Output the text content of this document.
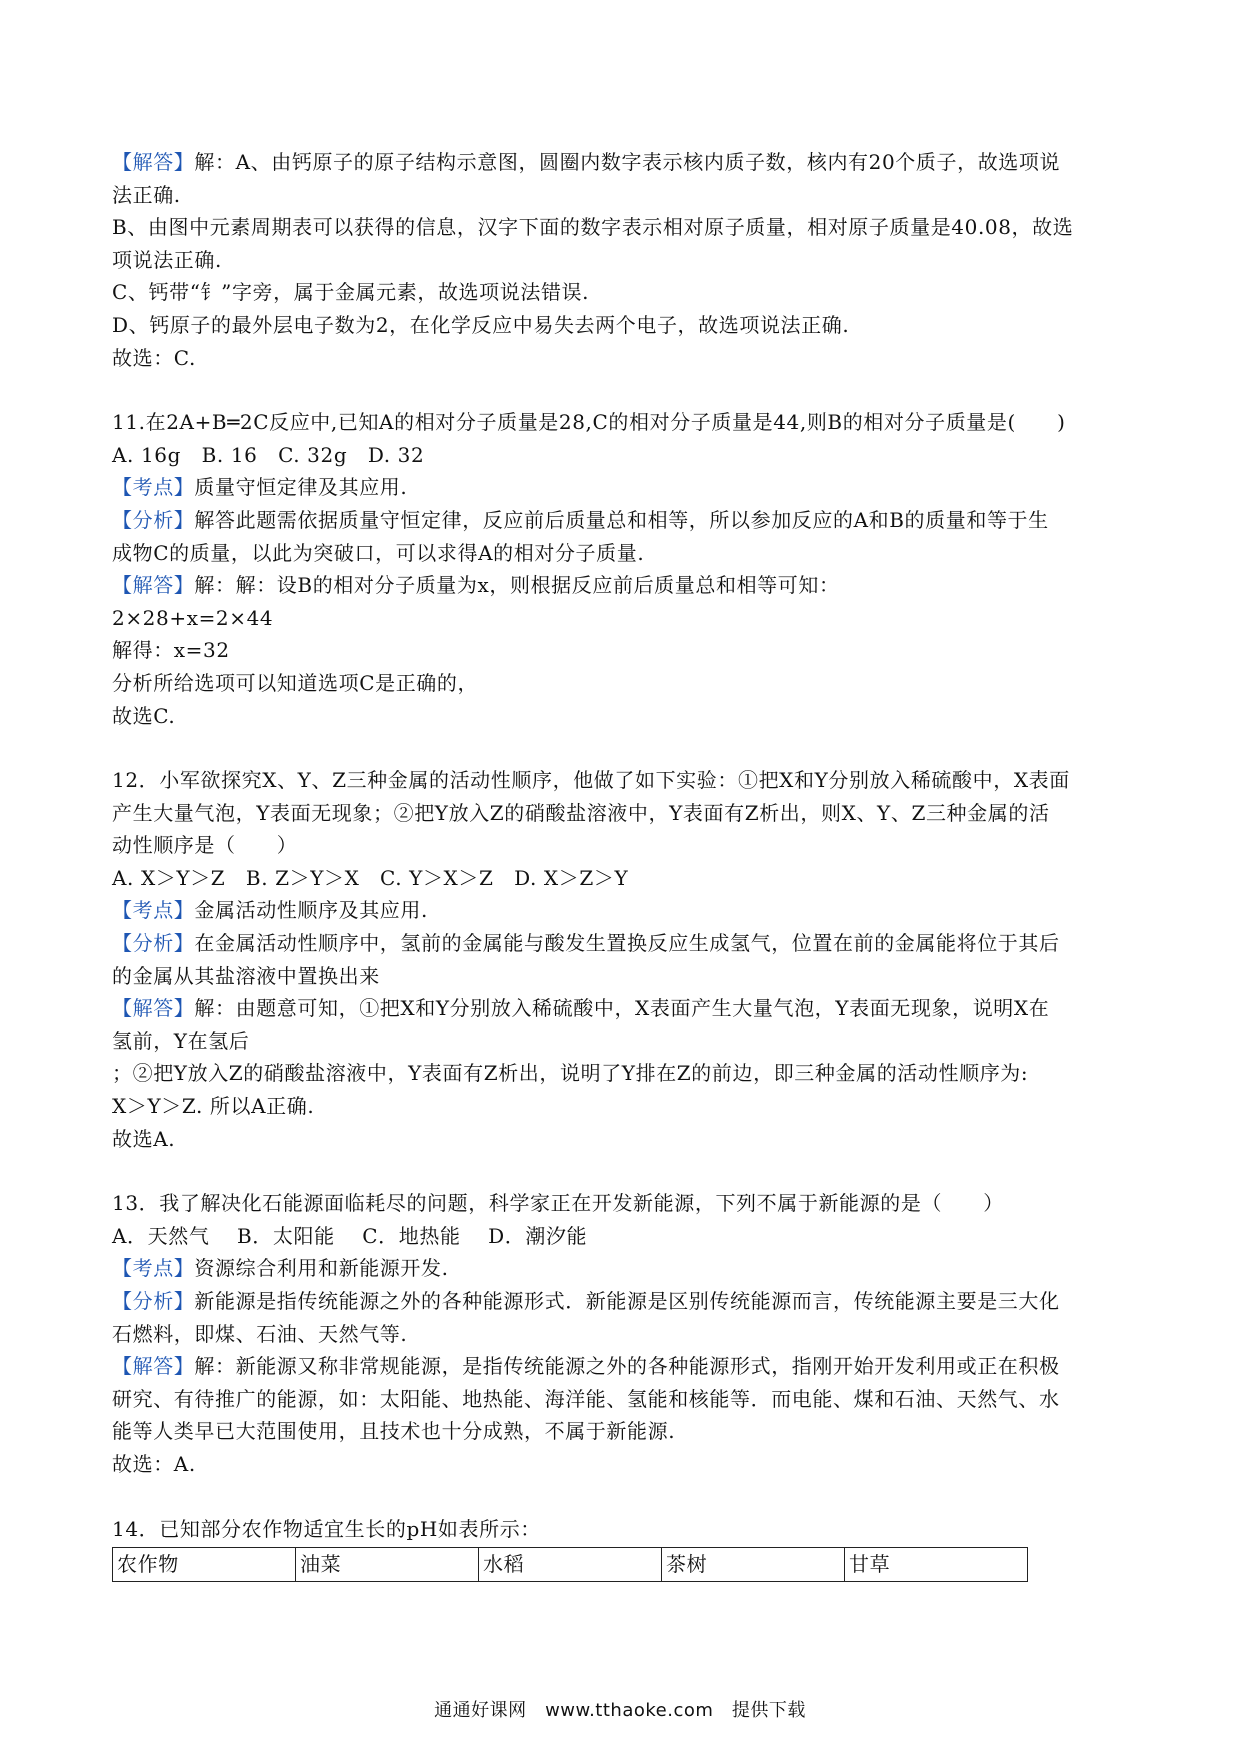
【解答】解：A、由钙原子的原子结构示意图，圆圈内数字表示核内质子数，核内有20个质子，故选项说

法正确.

B、由图中元素周期表可以获得的信息，汉字下面的数字表示相对原子质量，相对原子质量是40.08，故选

项说法正确.

C、钙带“钅”字旁，属于金属元素，故选项说法错误.

D、钙原子的最外层电子数为2，在化学反应中易失去两个电子，故选项说法正确.

故选：C.

11.在2A+B═2C反应中,已知A的相对分子质量是28,C的相对分子质量是44,则B的相对分子质量是(　　)

A. 16g　B. 16　C. 32g　D. 32

【考点】质量守恒定律及其应用.

【分析】解答此题需依据质量守恒定律，反应前后质量总和相等，所以参加反应的A和B的质量和等于生

成物C的质量，以此为突破口，可以求得A的相对分子质量.

【解答】解：解：设B的相对分子质量为x，则根据反应前后质量总和相等可知：

2×28+x=2×44

解得：x=32

分析所给选项可以知道选项C是正确的，

故选C.

12．小军欲探究X、Y、Z三种金属的活动性顺序，他做了如下实验：①把X和Y分别放入稀硫酸中，X表面

产生大量气泡，Y表面无现象；②把Y放入Z的硝酸盐溶液中，Y表面有Z析出，则X、Y、Z三种金属的活

动性顺序是（　　）

A. X＞Y＞Z　B. Z＞Y＞X　C. Y＞X＞Z　D. X＞Z＞Y

【考点】金属活动性顺序及其应用.

【分析】在金属活动性顺序中，氢前的金属能与酸发生置换反应生成氢气，位置在前的金属能将位于其后

的金属从其盐溶液中置换出来

【解答】解：由题意可知，①把X和Y分别放入稀硫酸中，X表面产生大量气泡，Y表面无现象，说明X在

氢前，Y在氢后

；②把Y放入Z的硝酸盐溶液中，Y表面有Z析出，说明了Y排在Z的前边，即三种金属的活动性顺序为:

X＞Y＞Z. 所以A正确.

故选A.

13．我了解决化石能源面临耗尽的问题，科学家正在开发新能源，下列不属于新能源的是（　　）

A．天然气　 B．太阳能　 C．地热能　 D．潮汐能

【考点】资源综合利用和新能源开发.

【分析】新能源是指传统能源之外的各种能源形式．新能源是区别传统能源而言，传统能源主要是三大化

石燃料，即煤、石油、天然气等.

【解答】解：新能源又称非常规能源，是指传统能源之外的各种能源形式，指刚开始开发利用或正在积极

研究、有待推广的能源，如：太阳能、地热能、海洋能、氢能和核能等．而电能、煤和石油、天然气、水

能等人类早已大范围使用，且技术也十分成熟，不属于新能源.

故选：A.

14．已知部分农作物适宜生长的pH如表所示：

农作物	油菜	水稻	茶树	甘草
通通好课网　www.tthaoke.com　提供下载
